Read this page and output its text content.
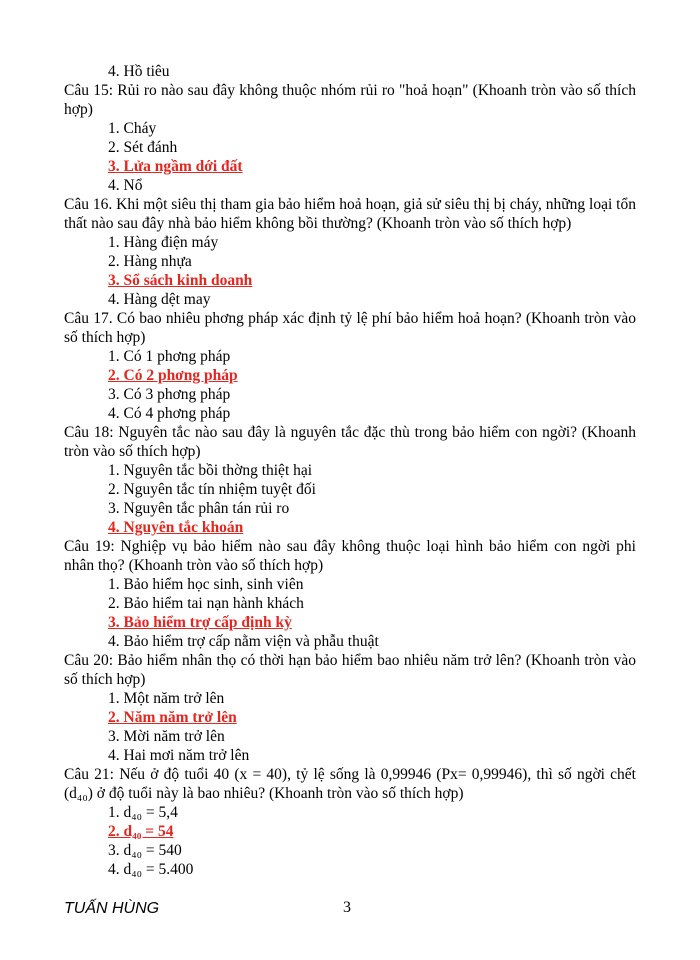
4. Hồ tiêu

Câu 15: Rủi ro nào sau đây không thuộc nhóm rủi ro "hoả hoạn" (Khoanh tròn vào số thích hợp)

1. Cháy

2. Sét đánh

3. Lửa ngầm dới đất

4. Nổ

Câu 16. Khi một siêu thị tham gia bảo hiểm hoả hoạn, giả sử siêu thị bị cháy, những loại tổn thất nào sau đây nhà bảo hiểm không bồi thường? (Khoanh tròn vào số thích hợp)

1. Hàng điện máy

2. Hàng nhựa

3. Sổ sách kinh doanh

4. Hàng dệt may

Câu 17. Có bao nhiêu phơng pháp xác định tỷ lệ phí bảo hiểm hoả hoạn? (Khoanh tròn vào số thích hợp)

1. Có 1 phơng pháp

2. Có 2 phơng pháp

3. Có 3 phơng pháp

4. Có 4 phơng pháp

Câu 18: Nguyên tắc nào sau đây là nguyên tắc đặc thù trong bảo hiểm con ngời? (Khoanh tròn vào số thích hợp)

1. Nguyên tắc bồi thờng thiệt hại

2. Nguyên tắc tín nhiệm tuyệt đối

3. Nguyên tắc phân tán rủi ro

4. Nguyên tắc khoán

Câu 19: Nghiệp vụ bảo hiểm nào sau đây không thuộc loại hình bảo hiểm con ngời phi nhân thọ? (Khoanh tròn vào số thích hợp)

1. Bảo hiểm học sinh, sinh viên

2. Bảo hiểm tai nạn hành khách

3. Bảo hiểm trợ cấp định kỳ

4. Bảo hiểm trợ cấp nằm viện và phẫu thuật

Câu 20: Bảo hiểm nhân thọ có thời hạn bảo hiểm bao nhiêu năm trở lên? (Khoanh tròn vào số thích hợp)

1. Một năm trở lên

2. Năm năm trở lên

3. Mời năm trở lên

4. Hai mơi năm trở lên

Câu 21: Nếu ở độ tuổi 40 (x = 40), tỷ lệ sống là 0,99946 (Px= 0,99946), thì số ngời chết (d₄₀) ở độ tuổi này là bao nhiêu? (Khoanh tròn vào số thích hợp)

1. d₄₀ = 5,4

2. d₄₀ = 54

3. d₄₀ = 540

4. d₄₀ = 5.400

TUẤN HÙNG	3
